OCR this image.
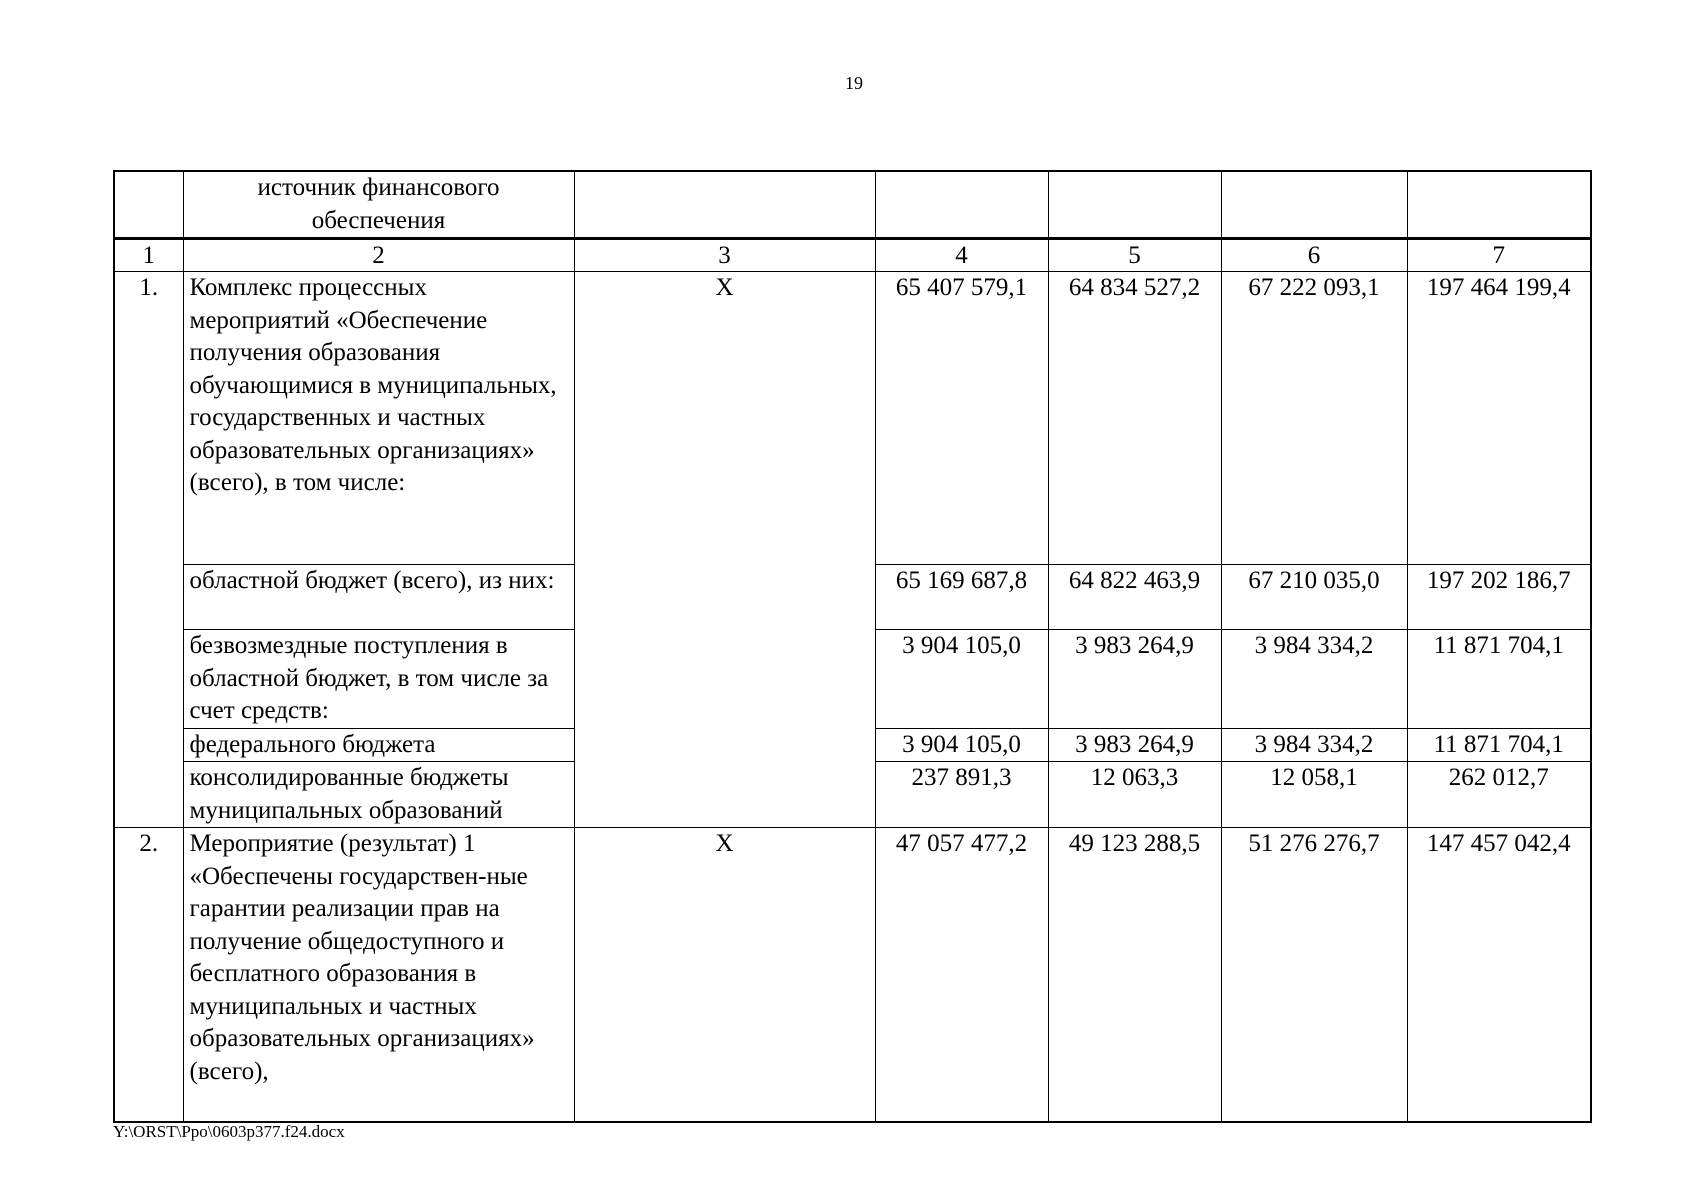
19
	источник финансового обеспечения					
1	2	3	4	5	6	7
1.	Комплекс процессных мероприятий «Обеспечение получения образования обучающимися в муниципальных, государственных и частных образовательных организациях» (всего), в том числе:	X	65 407 579,1	64 834 527,2	67 222 093,1	197 464 199,4
	областной бюджет (всего), из них:		65 169 687,8	64 822 463,9	67 210 035,0	197 202 186,7
	безвозмездные поступления в областной бюджет, в том числе за счет средств:		3 904 105,0	3 983 264,9	3 984 334,2	11 871 704,1
	федерального бюджета		3 904 105,0	3 983 264,9	3 984 334,2	11 871 704,1
	консолидированные бюджеты муниципальных образований		237 891,3	12 063,3	12 058,1	262 012,7
2.	Мероприятие (результат) 1 «Обеспечены государствен-ные гарантии реализации прав на получение общедоступного и бесплатного образования в муниципальных и частных образовательных организациях» (всего),	X	47 057 477,2	49 123 288,5	51 276 276,7	147 457 042,4
Y:\ORST\Ppo\0603p377.f24.docx
